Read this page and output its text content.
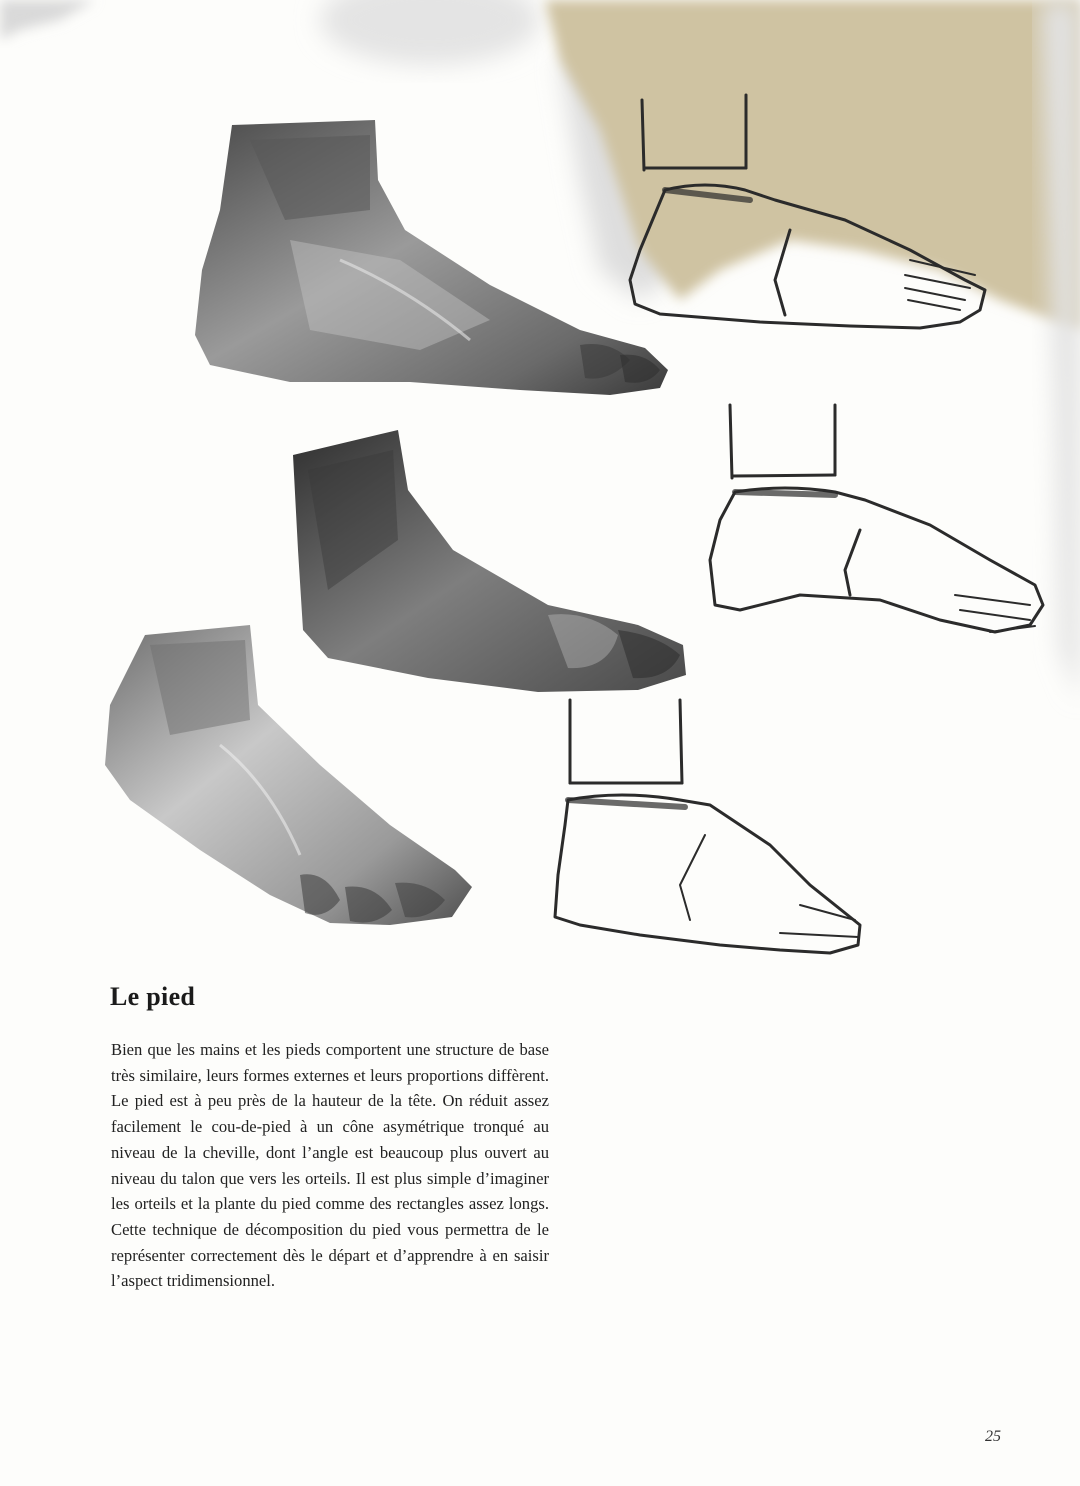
Le pied

Bien que les mains et les pieds comportent une structure de base très similaire, leurs formes externes et leurs proportions diffèrent. Le pied est à peu près de la hauteur de la tête. On réduit assez facilement le cou-de-pied à un cône asymétrique tronqué au niveau de la cheville, dont l’angle est beaucoup plus ouvert au niveau du talon que vers les orteils. Il est plus simple d’imaginer les orteils et la plante du pied comme des rectangles assez longs. Cette technique de décomposition du pied vous permettra de le représenter correctement dès le départ et d’apprendre à en saisir l’aspect tridimensionnel.

25
